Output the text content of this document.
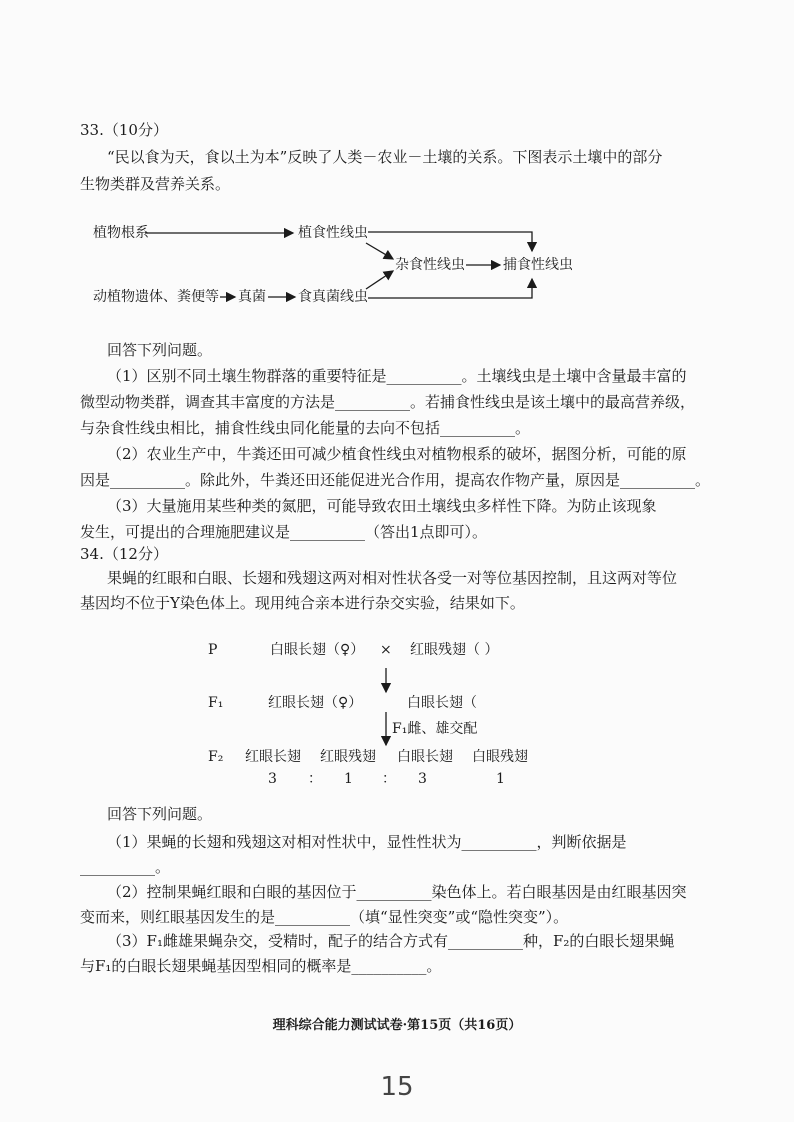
33.（10分）
“民以食为天，食以土为本”反映了人类－农业－土壤的关系。下图表示土壤中的部分
生物类群及营养关系。
植物根系	植食性线虫
杂食性线虫	捕食性线虫
动植物遗体、粪便等 真菌 食真菌线虫
回答下列问题。
（1）区别不同土壤生物群落的重要特征是__________。土壤线虫是土壤中含量最丰富的
微型动物类群，调查其丰富度的方法是__________。若捕食性线虫是该土壤中的最高营养级，
与杂食性线虫相比，捕食性线虫同化能量的去向不包括__________。
（2）农业生产中，牛粪还田可减少植食性线虫对植物根系的破坏，据图分析，可能的原
因是__________。除此外，牛粪还田还能促进光合作用，提高农作物产量，原因是__________。
（3）大量施用某些种类的氮肥，可能导致农田土壤线虫多样性下降。为防止该现象
发生，可提出的合理施肥建议是__________（答出1点即可）。
34.（12分）
果蝇的红眼和白眼、长翅和残翅这两对相对性状各受一对等位基因控制，且这两对等位
基因均不位于Y染色体上。现用纯合亲本进行杂交实验，结果如下。
P	白眼长翅（♀） × 红眼残翅（ ）
F₁	红眼长翅（♀）	白眼长翅（
F₁雌、雄交配
F₂ 红眼长翅 红眼残翅 白眼长翅 白眼残翅
3 ： 1 ： 3	1
回答下列问题。
（1）果蝇的长翅和残翅这对相对性状中，显性性状为__________，判断依据是
__________。
（2）控制果蝇红眼和白眼的基因位于__________染色体上。若白眼基因是由红眼基因突
变而来，则红眼基因发生的是__________（填“显性突变”或“隐性突变”）。
（3）F₁雌雄果蝇杂交，受精时，配子的结合方式有__________种，F₂的白眼长翅果蝇
与F₁的白眼长翅果蝇基因型相同的概率是__________。
理科综合能力测试试卷·第15页（共16页）
15
